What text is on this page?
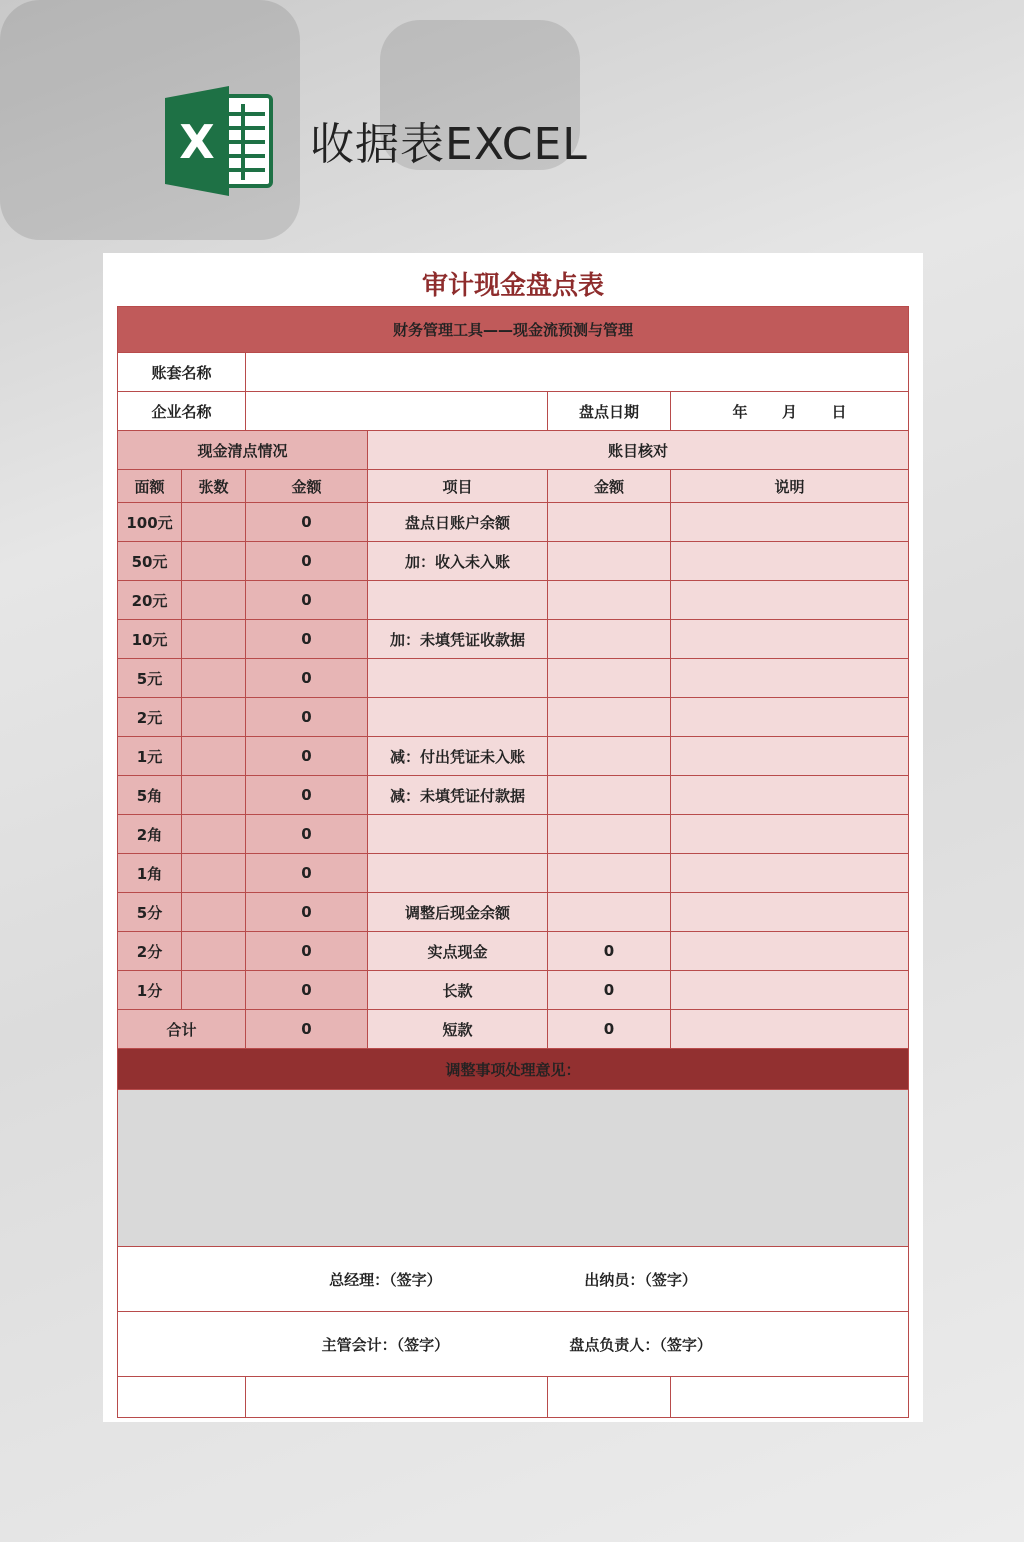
X 收据表EXCEL
审计现金盘点表
财务管理工具——现金流预测与管理					
账套名称					
企业名称				盘点日期	年 月 日
现金清点情况			账目核对		
面额	张数	金额	项目	金额	说明
100元		0	盘点日账户余额		
50元		0	加：收入未入账		
20元		0			
10元		0	加：未填凭证收款据		
5元		0			
2元		0			
1元		0	减：付出凭证未入账		
5角		0	减：未填凭证付款据		
2角		0			
1角		0			
5分		0	调整后现金余额		
2分		0	实点现金	0	
1分		0	长款	0	
合计		0	短款	0	
调整事项处理意见：					

总经理：（签字） 出纳员：（签字）					
主管会计：（签字） 盘点负责人：（签字）					
